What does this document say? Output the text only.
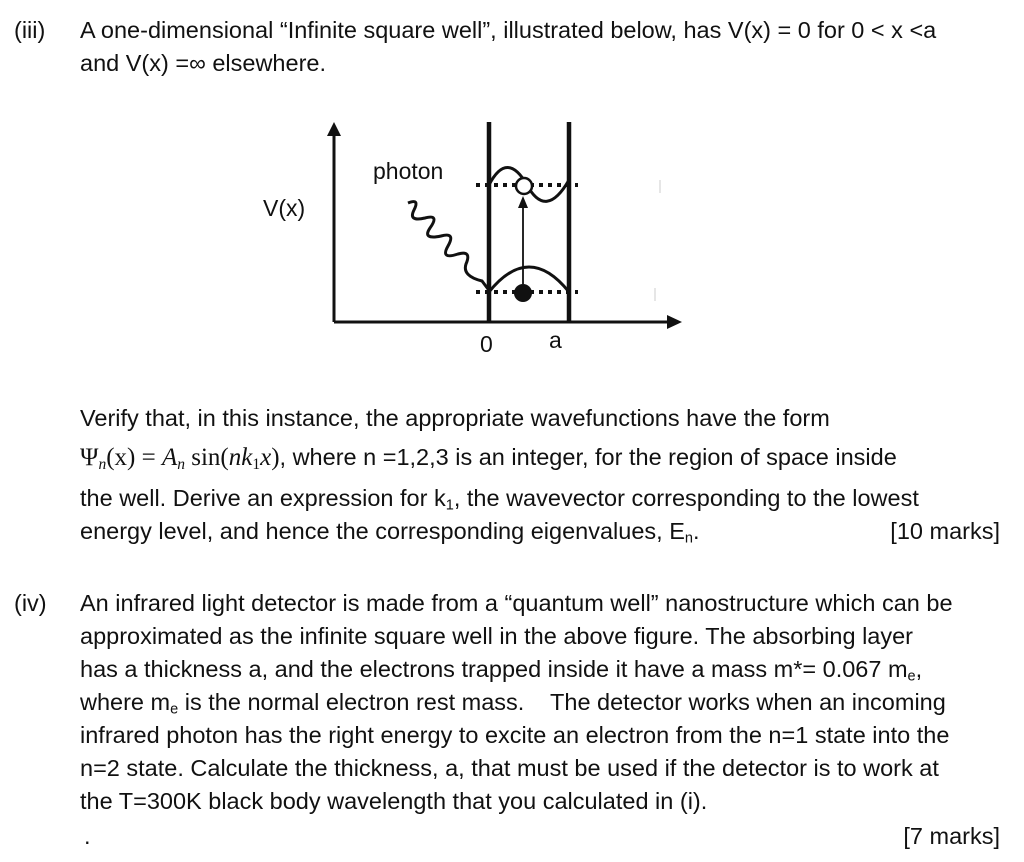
(iii) A one-dimensional “Infinite square well”, illustrated below, has V(x) = 0 for 0 < x <a
and V(x) =∞ elsewhere.
V(x)
photon
0 a
Verify that, in this instance, the appropriate wavefunctions have the form
$\Psi_n(x) = A_n$ $\sin(nk_1x)$, where n =1,2,3 is an integer, for the region of space inside
the well. Derive an expression for $k_1$, the wavevector corresponding to the lowest
energy level, and hence the corresponding eigenvalues, $E_n$.	[10 marks]
(iv) An infrared light detector is made from a “quantum well” nanostructure which can be
approximated as the infinite square well in the above figure. The absorbing layer
has a thickness a, and the electrons trapped inside it have a mass m*= 0.067 $m_e$,
where $m_e$ is the normal electron rest mass.    The detector works when an incoming
infrared photon has the right energy to excite an electron from the n=1 state into the
n=2 state. Calculate the thickness, a, that must be used if the detector is to work at
the T=300K black body wavelength that you calculated in (i).
.	[7 marks]
